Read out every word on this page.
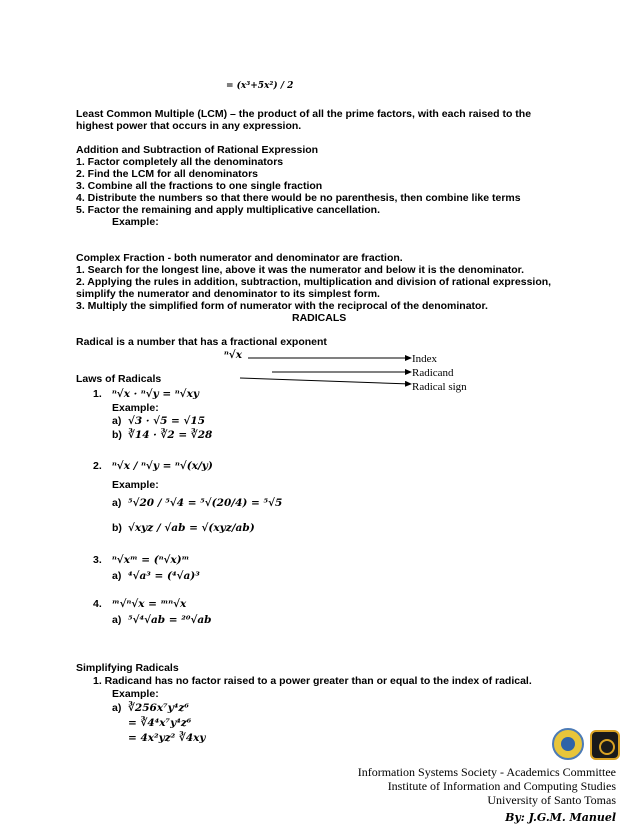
= (x³+5x²) / 2
Least Common Multiple (LCM) – the product of all the prime factors, with each raised to the
highest power that occurs in any expression.
Addition and Subtraction of Rational Expression
1. Factor completely all the denominators
2. Find the LCM for all denominators
3. Combine all the fractions to one single fraction
4. Distribute the numbers so that there would be no parenthesis, then combine like terms
5. Factor the remaining and apply multiplicative cancellation.
Example:
Complex Fraction - both numerator and denominator are fraction.
1. Search for the longest line, above it was the numerator and below it is the denominator.
2. Applying the rules in addition, subtraction, multiplication and division of rational expression,
simplify the numerator and denominator to its simplest form.
3. Multiply the simplified form of numerator with the reciprocal of the denominator.
RADICALS
Radical is a number that has a fractional exponent
ⁿ√x	Index
Radicand
Radical sign
Laws of Radicals
1. ⁿ√x · ⁿ√y = ⁿ√xy
Example:
a) √3 · √5 = √15
b) ∛14 · ∛2 = ∛28
2. ⁿ√x / ⁿ√y = ⁿ√(x/y)
Example:
a) ⁵√20 / ⁵√4 = ⁵√(20/4) = ⁵√5
b) √xyz / √ab = √(xyz/ab)
3. ⁿ√xᵐ = (ⁿ√x)ᵐ
a) ⁴√a³ = (⁴√a)³
4. ᵐ√ⁿ√x = ᵐⁿ√x
a) ⁵√⁴√ab = ²⁰√ab
Simplifying Radicals
1. Radicand has no factor raised to a power greater than or equal to the index of radical.
Example:
a) ∛256x⁷y⁴z⁶
= ∛4⁴x⁷y⁴z⁶
= 4x²yz² ∛4xy
Information Systems Society - Academics Committee
Institute of Information and Computing Studies
University of Santo Tomas
By: J.G.M. Manuel
